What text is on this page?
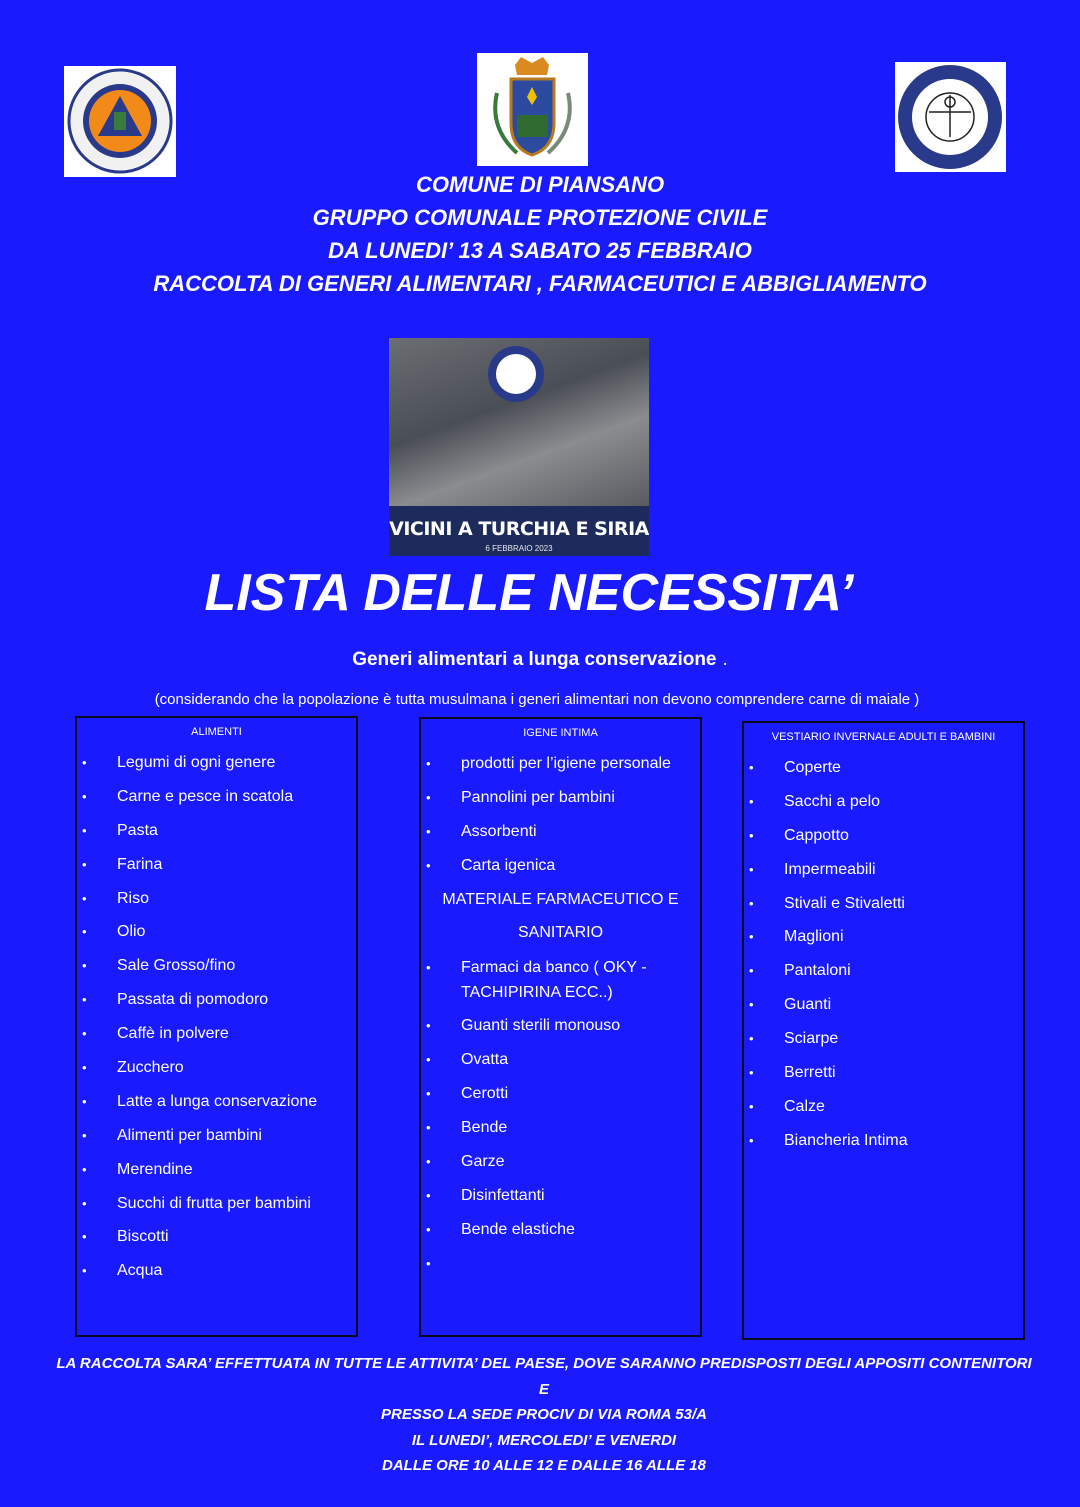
COMUNE DI PIANSANO
GRUPPO COMUNALE PROTEZIONE CIVILE
DA LUNEDI’ 13 A SABATO 25 FEBBRAIO
RACCOLTA DI GENERI ALIMENTARI , FARMACEUTICI E ABBIGLIAMENTO
VICINI A TURCHIA E SIRIA
6 FEBBRAIO 2023
LISTA DELLE NECESSITA’
Generi alimentari a lunga conservazione .
(considerando che la popolazione è tutta musulmana i generi alimentari non devono comprendere carne di maiale )
ALIMENTI
• Legumi di ogni genere
• Carne e pesce in scatola
• Pasta
• Farina
• Riso
• Olio
• Sale Grosso/fino
• Passata di pomodoro
• Caffè in polvere
• Zucchero
• Latte a lunga conservazione
• Alimenti per bambini
• Merendine
• Succhi di frutta per bambini
• Biscotti
• Acqua
IGENE INTIMA
• prodotti per l’igiene personale
• Pannolini per bambini
• Assorbenti
• Carta igenica
MATERIALE FARMACEUTICO E
SANITARIO
• Farmaci da banco ( OKY - TACHIPIRINA ECC..)
• Guanti sterili monouso
• Ovatta
• Cerotti
• Bende
• Garze
• Disinfettanti
• Bende elastiche
•
VESTIARIO INVERNALE ADULTI E BAMBINI
• Coperte
• Sacchi a pelo
• Cappotto
• Impermeabili
• Stivali e Stivaletti
• Maglioni
• Pantaloni
• Guanti
• Sciarpe
• Berretti
• Calze
• Biancheria Intima
LA RACCOLTA SARA’ EFFETTUATA IN TUTTE LE ATTIVITA’ DEL PAESE, DOVE SARANNO PREDISPOSTI DEGLI APPOSITI CONTENITORI
E
PRESSO LA SEDE PROCIV DI VIA ROMA 53/A
IL LUNEDI’, MERCOLEDI’ E VENERDI
DALLE ORE 10 ALLE 12 E DALLE 16 ALLE 18
